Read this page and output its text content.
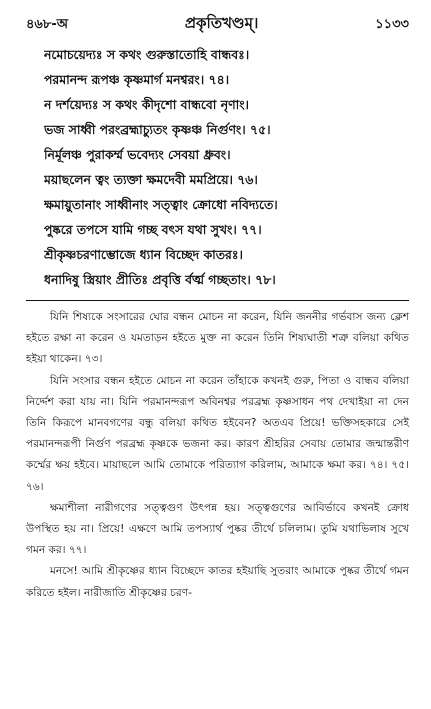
৪৬৮-অ	প্রকৃতিখণ্ডম্।	১১৩৩
নমোচয়েদ্যঃ স কথং গুরুস্তাতোহি বান্ধবঃ।
পরমানন্দ রূপঞ্চ কৃষ্ণমার্গ মনশ্বরং। ৭৪।
ন দর্শয়েদ্যঃ স কথং কীদৃশো বান্ধবো নৃণাং।
ভজ সাধ্বী পরংব্রহ্মাচ্যুতং কৃষ্ণঞ্চ নির্গুণং। ৭৫।
নির্মূলঞ্চ পুরাকর্ম্ম ভবেদ্যং সেবয়া ধ্রুবং।
ময়াছলেন ত্বং ত্যক্তা ক্ষমদেবী মমপ্রিয়ে। ৭৬।
ক্ষমায়ুতানাং সাধ্বীনাং সত্ত্বাং ক্রোধো নবিদ্যতে।
পুষ্করে তপসে যামি গচ্ছ বৎস যথা সুখং। ৭৭।
শ্রীকৃষ্ণচরণাম্ভোজে ধ্যান বিচ্ছেদ কাতরঃ।
ধনাদিষু স্ত্রিয়াং প্রীতিঃ প্রবৃত্তি র্বর্ত্ম গচ্ছতাং। ৭৮।

যিনি শিষ্যকে সংসারের ঘোর বন্ধন মোচন না করেন, যিনি জননীর গর্ভবাস জন্য ক্লেশ হইতে রক্ষা না করেন ও যমতাড়ন হইতে মুক্ত না করেন তিনি শিষ্যঘাতী শত্রু বলিয়া কথিত হইয়া থাকেন। ৭৩।

যিনি সংসার বন্ধন হইতে মোচন না করেন তাঁহাকে কখনই গুরু, পিতা ও বান্ধব বলিয়া নির্দ্দেশ করা যায় না। যিনি পরমানন্দরূপ অবিনশ্বর পরব্রহ্ম কৃষ্ণসাধন পথ দেখাইয়া না দেন তিনি কিরূপে মানবগণের বন্ধু বলিয়া কথিত হইবেন? অতএব প্রিয়ে! ভক্তিসহকারে সেই পরমানন্দরূপী নির্গুণ পরব্রহ্ম কৃষ্ণকে ভজনা কর। কারণ শ্রীহরির সেবায় তোমার জন্মান্তরীণ কর্ম্মের ক্ষয় হইবে। মায়াছলে আমি তোমাকে পরিত্যাগ করিলাম, আমাকে ক্ষমা কর। ৭৪। ৭৫। ৭৬।

ক্ষমাশীলা নারীগণের সত্ত্বগুণ উৎপন্ন হয়। সত্ত্বগুণের আবির্ভাবে কখনই ক্রোধ উপস্থিত হয় না। প্রিয়ে! এক্ষণে আমি তপস্যার্থ পুষ্কর তীর্থে চলিলাম। তুমি যথাভিলাষ সুখে গমন কর। ৭৭।

মনসে! আমি শ্রীকৃষ্ণের ধ্যান বিচ্ছেদে কাতর হইয়াছি সুতরাং আমাকে পুষ্কর তীর্থে গমন করিতে হইল। নারীজাতি শ্রীকৃষ্ণের চরণ-
